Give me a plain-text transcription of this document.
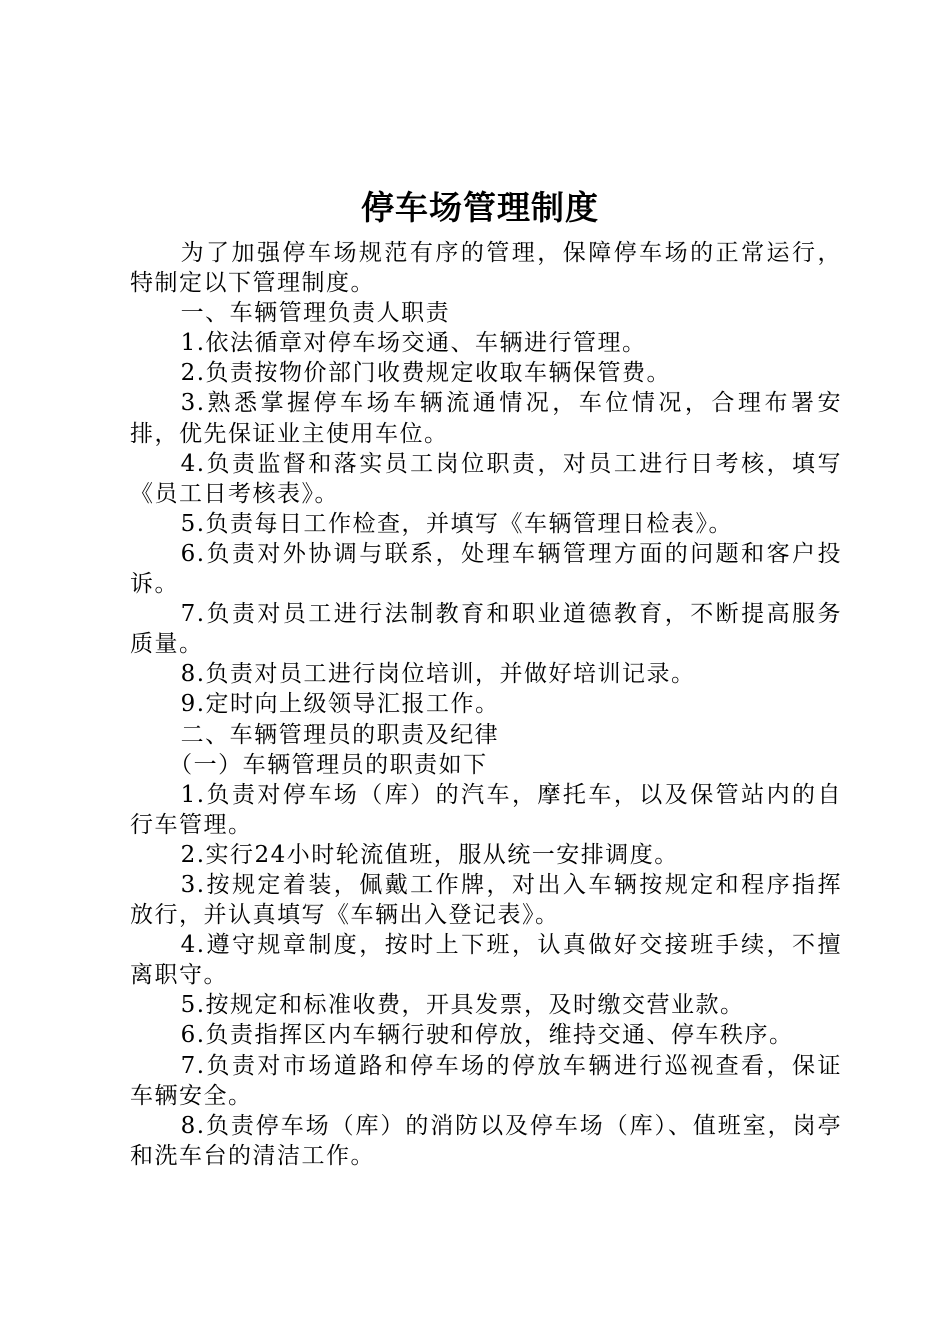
停车场管理制度

为了加强停车场规范有序的管理，保障停车场的正常运行，特制定以下管理制度。

一、车辆管理负责人职责

1.依法循章对停车场交通、车辆进行管理。

2.负责按物价部门收费规定收取车辆保管费。

3.熟悉掌握停车场车辆流通情况，车位情况，合理布署安排，优先保证业主使用车位。

4.负责监督和落实员工岗位职责，对员工进行日考核，填写《员工日考核表》。

5.负责每日工作检查，并填写《车辆管理日检表》。

6.负责对外协调与联系，处理车辆管理方面的问题和客户投诉。

7.负责对员工进行法制教育和职业道德教育，不断提高服务质量。

8.负责对员工进行岗位培训，并做好培训记录。

9.定时向上级领导汇报工作。

二、车辆管理员的职责及纪律

（一）车辆管理员的职责如下

1.负责对停车场（库）的汽车，摩托车，以及保管站内的自行车管理。

2.实行24小时轮流值班，服从统一安排调度。

3.按规定着装，佩戴工作牌，对出入车辆按规定和程序指挥放行，并认真填写《车辆出入登记表》。

4.遵守规章制度，按时上下班，认真做好交接班手续，不擅离职守。

5.按规定和标准收费，开具发票，及时缴交营业款。

6.负责指挥区内车辆行驶和停放，维持交通、停车秩序。

7.负责对市场道路和停车场的停放车辆进行巡视查看，保证车辆安全。

8.负责停车场（库）的消防以及停车场（库）、值班室，岗亭和洗车台的清洁工作。
